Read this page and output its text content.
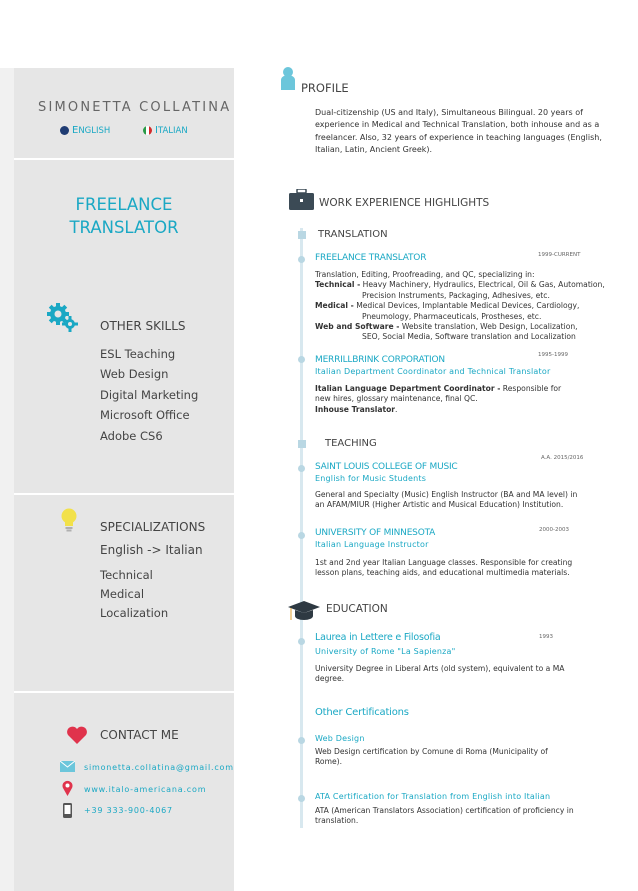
SIMONETTA COLLATINA
ENGLISH	ITALIAN
FREELANCE
TRANSLATOR
OTHER SKILLS
ESL Teaching
Web Design
Digital Marketing
Microsoft Office
Adobe CS6
SPECIALIZATIONS
English -> Italian
Technical
Medical
Localization
CONTACT ME
simonetta.collatina@gmail.com
www.italo-americana.com
+39 333-900-4067
PROFILE
Dual-citizenship (US and Italy), Simultaneous Bilingual. 20 years of experience in Medical and Technical Translation, both inhouse and as a freelancer. Also, 32 years of experience in teaching languages (English, Italian, Latin, Ancient Greek).
WORK EXPERIENCE HIGHLIGHTS
TRANSLATION
FREELANCE TRANSLATOR	1999-CURRENT
Translation, Editing, Proofreading, and QC, specializing in:
Technical - Heavy Machinery, Hydraulics, Electrical, Oil & Gas, Automation,
Precision Instruments, Packaging, Adhesives, etc.
Medical - Medical Devices, Implantable Medical Devices, Cardiology,
Pneumology, Pharmaceuticals, Prostheses, etc.
Web and Software - Website translation, Web Design, Localization,
SEO, Social Media, Software translation and Localization
MERRILLBRINK CORPORATION	1995-1999
Italian Department Coordinator and Technical Translator
Italian Language Department Coordinator - Responsible for new hires, glossary maintenance, final QC.
Inhouse Translator.
TEACHING
SAINT LOUIS COLLEGE OF MUSIC
A.A. 2015/2016
English for Music Students
General and Specialty (Music) English Instructor (BA and MA level) in an AFAM/MIUR (Higher Artistic and Musical Education) Institution.
UNIVERSITY OF MINNESOTA	2000-2003
Italian Language Instructor
1st and 2nd year Italian Language classes. Responsible for creating lesson plans, teaching aids, and educational multimedia materials.
EDUCATION
Laurea in Lettere e Filosofia	1993
University of Rome "La Sapienza"
University Degree in Liberal Arts (old system), equivalent to a MA degree.
Other Certifications
Web Design
Web Design certification by Comune di Roma (Municipality of Rome).
ATA Certification for Translation from English into Italian
ATA (American Translators Association) certification of proficiency in translation.
